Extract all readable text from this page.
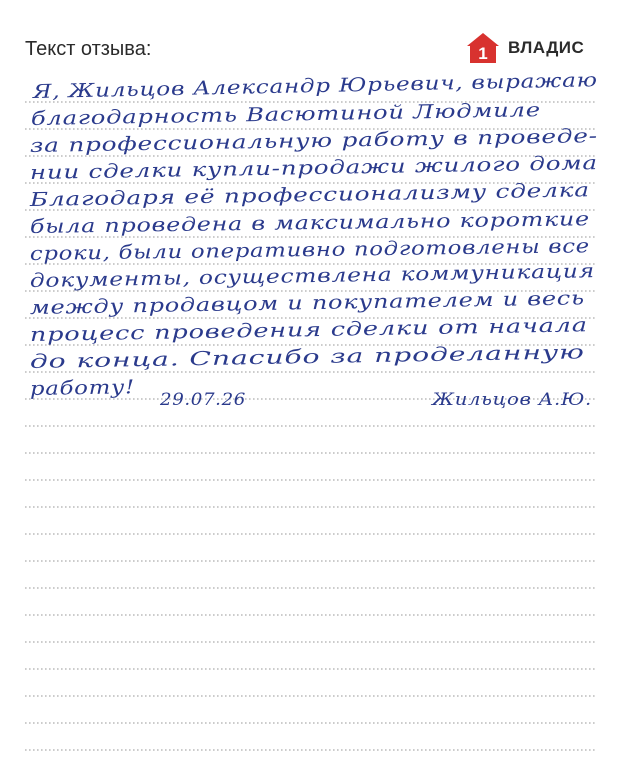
Текст отзыва:	1 ВЛАДИС
Я, Жильцов Александр Юрьевич, выражаю
благодарность Васютиной Людмиле
за профессиональную работу в проведе-
нии сделки купли-продажи жилого дома
Благодаря её профессионализму сделка
была проведена в максимально короткие
сроки, были оперативно подготовлены все
документы, осуществлена коммуникация
между продавцом и покупателем и весь
процесс проведения сделки от начала
до конца. Спасибо за проделанную
работу!
29.07.26	Жильцов А.Ю.
